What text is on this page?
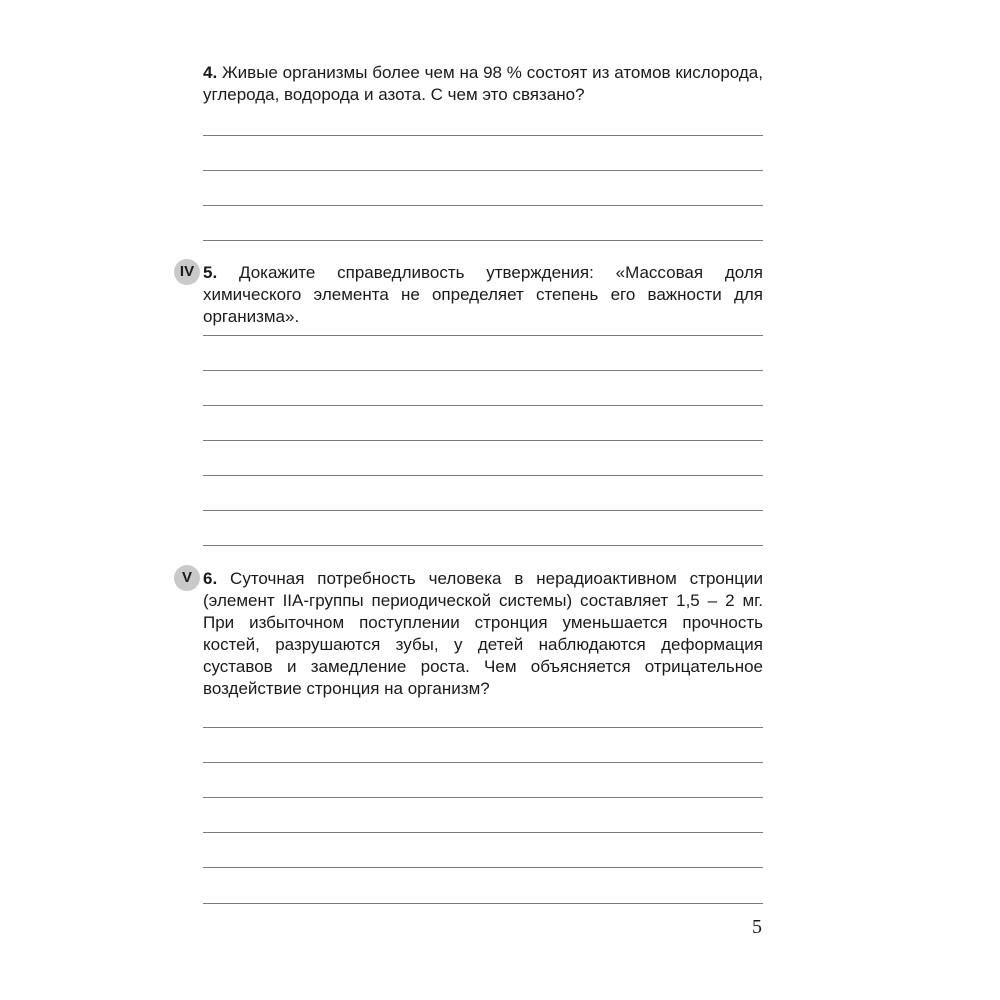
4. Живые организмы более чем на 98 % состоят из атомов кислорода, углерода, водорода и азота. С чем это связано?

IV 5. Докажите справедливость утверждения: «Массовая доля химического элемента не определяет степень его важности для организма».

V 6. Суточная потребность человека в нерадиоактивном стронции (элемент IIA-группы периодической системы) составляет 1,5 – 2 мг. При избыточном поступлении стронция уменьшается прочность костей, разрушаются зубы, у детей наблюдаются деформация суставов и замедление роста. Чем объясняется отрицательное воздействие стронция на организм?

5
